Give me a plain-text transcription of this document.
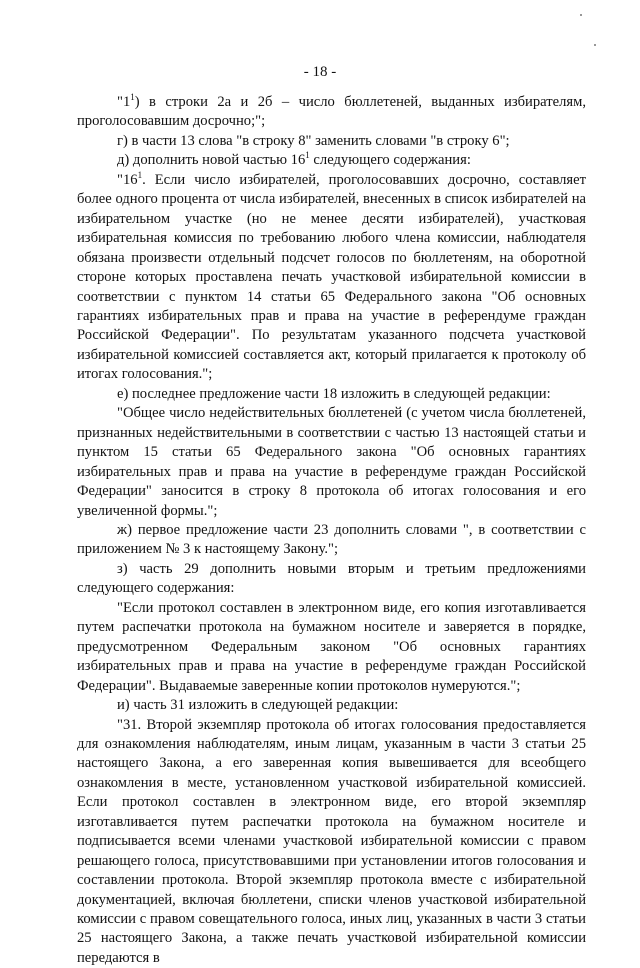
- 18 -

"$1^1$) в строки 2а и 2б – число бюллетеней, выданных избирателям, проголосовавшим досрочно;";

г) в части 13 слова "в строку 8" заменить словами "в строку 6";

д) дополнить новой частью $16^1$ следующего содержания:

"$16^1$. Если число избирателей, проголосовавших досрочно, составляет более одного процента от числа избирателей, внесенных в список избирателей на избирательном участке (но не менее десяти избирателей), участковая избирательная комиссия по требованию любого члена комиссии, наблюдателя обязана произвести отдельный подсчет голосов по бюллетеням, на оборотной стороне которых проставлена печать участковой избирательной комиссии в соответствии с пунктом 14 статьи 65 Федерального закона "Об основных гарантиях избирательных прав и права на участие в референдуме граждан Российской Федерации". По результатам указанного подсчета участковой избирательной комиссией составляется акт, который прилагается к протоколу об итогах голосования.";

е) последнее предложение части 18 изложить в следующей редакции:

"Общее число недействительных бюллетеней (с учетом числа бюллетеней, признанных недействительными в соответствии с частью 13 настоящей статьи и пунктом 15 статьи 65 Федерального закона "Об основных гарантиях избирательных прав и права на участие в референдуме граждан Российской Федерации" заносится в строку 8 протокола об итогах голосования и его увеличенной формы.";

ж) первое предложение части 23 дополнить словами ", в соответствии с приложением № 3 к настоящему Закону.";

з) часть 29 дополнить новыми вторым и третьим предложениями следующего содержания:

"Если протокол составлен в электронном виде, его копия изготавливается путем распечатки протокола на бумажном носителе и заверяется в порядке, предусмотренном Федеральным законом "Об основных гарантиях избирательных прав и права на участие в референдуме граждан Российской Федерации". Выдаваемые заверенные копии протоколов нумеруются.";

и) часть 31 изложить в следующей редакции:

"31. Второй экземпляр протокола об итогах голосования предоставляется для ознакомления наблюдателям, иным лицам, указанным в части 3 статьи 25 настоящего Закона, а его заверенная копия вывешивается для всеобщего ознакомления в месте, установленном участковой избирательной комиссией. Если протокол составлен в электронном виде, его второй экземпляр изготавливается путем распечатки протокола на бумажном носителе и подписывается всеми членами участковой избирательной комиссии с правом решающего голоса, присутствовавшими при установлении итогов голосования и составлении протокола. Второй экземпляр протокола вместе с избирательной документацией, включая бюллетени, списки членов участковой избирательной комиссии с правом совещательного голоса, иных лиц, указанных в части 3 статьи 25 настоящего Закона, а также печать участковой избирательной комиссии передаются в
